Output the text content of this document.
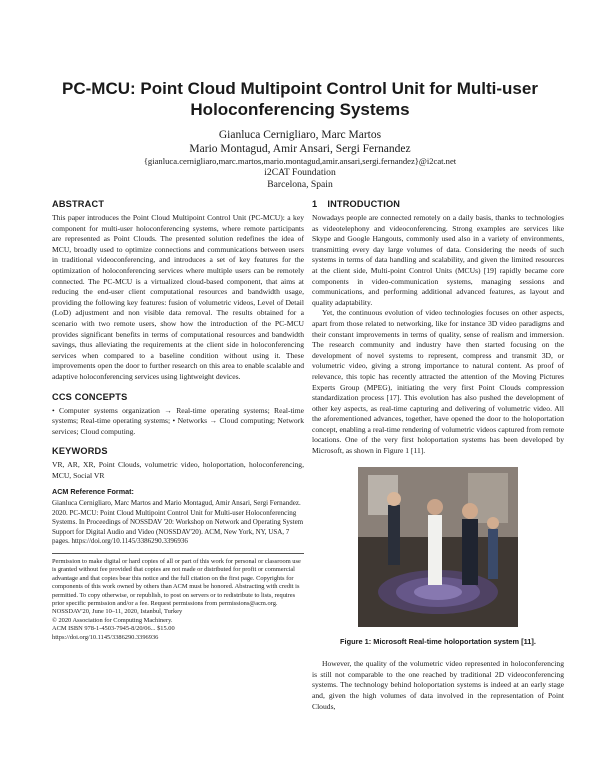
PC-MCU: Point Cloud Multipoint Control Unit for Multi-user
Holoconferencing Systems
Gianluca Cernigliaro, Marc Martos
Mario Montagud, Amir Ansari, Sergi Fernandez
{gianluca.cernigliaro,marc.martos,mario.montagud,amir.ansari,sergi.fernandez}@i2cat.net
i2CAT Foundation
Barcelona, Spain
ABSTRACT

This paper introduces the Point Cloud Multipoint Control Unit (PC-MCU): a key component for multi-user holoconferencing systems, where remote participants are represented as Point Clouds. The presented solution redefines the idea of MCU, broadly used to optimize connections and communications between users in traditional videoconferencing, and introduces a set of key features for the optimization of holoconferencing services where multiple users can be remotely connected. The PC-MCU is a virtualized cloud-based component, that aims at reducing the end-user client computational resources and bandwidth usage, providing the following key features: fusion of volumetric videos, Level of Detail (LoD) adjustment and non visible data removal. The results obtained for a scenario with two remote users, show how the introduction of the PC-MCU provides significant benefits in terms of computational resources and bandwidth savings, thus alleviating the requirements at the client side in holoconferencing services when compared to a baseline condition without using it. These improvements open the door to further research on this area to enable scalable and adaptive holoconferencing services using lightweight devices.

CCS CONCEPTS

• Computer systems organization → Real-time operating systems; Real-time systems; Real-time operating systems; • Networks → Cloud computing; Network services; Cloud computing.

KEYWORDS

VR, AR, XR, Point Clouds, volumetric video, holoportation, holoconferencing, MCU, Social VR

ACM Reference Format:

Gianluca Cernigliaro, Marc Martos and Mario Montagud, Amir Ansari, Sergi Fernandez. 2020. PC-MCU: Point Cloud Multipoint Control Unit for Multi-user Holoconferencing Systems. In Proceedings of NOSSDAV '20: Workshop on Network and Operating System Support for Digital Audio and Video (NOSSDAV'20). ACM, New York, NY, USA, 7 pages. https://doi.org/10.1145/3386290.3396936

Permission to make digital or hard copies of all or part of this work for personal or classroom use is granted without fee provided that copies are not made or distributed for profit or commercial advantage and that copies bear this notice and the full citation on the first page. Copyrights for components of this work owned by others than ACM must be honored. Abstracting with credit is permitted. To copy otherwise, or republish, to post on servers or to redistribute to lists, requires prior specific permission and/or a fee. Request permissions from permissions@acm.org.

NOSSDAV'20, June 10–11, 2020, Istanbul, Turkey

© 2020 Association for Computing Machinery.

ACM ISBN 978-1-4503-7945-8/20/06... $15.00

https://doi.org/10.1145/3386290.3396936

1 INTRODUCTION

Nowadays people are connected remotely on a daily basis, thanks to technologies as videotelephony and videoconferencing. Strong examples are services like Skype and Google Hangouts, commonly used also in a variety of environments, transmitting every day large volumes of data. Considering the needs of such systems in terms of data handling and scalability, and given the limited resources at the client side, Multi-point Control Units (MCUs) [19] rapidly became core components in video-communication systems, managing sessions and communications, and performing additional advanced features, as layout and quality adaptability.

Yet, the continuous evolution of video technologies focuses on other aspects, apart from those related to networking, like for instance 3D video paradigms and their constant improvements in terms of quality, sense of realism and immersion. The research community and industry have then started focusing on the development of novel systems to represent, compress and transmit 3D, or volumetric video, giving a strong importance to natural content. As proof of relevance, this topic has recently attracted the attention of the Moving Pictures Experts Group (MPEG), initiating the very first Point Clouds compression standardization process [17]. This evolution has also pushed the development of other key aspects, as real-time capturing and delivering of volumetric video. All the aforementioned advances, together, have opened the door to the holoportation concept, enabling a real-time rendering of volumetric videos captured from remote locations. One of the very first holoportation systems has been developed by Microsoft, as shown in Figure 1 [11].

Figure 1: Microsoft Real-time holoportation system [11].

However, the quality of the volumetric video represented in holoconferencing is still not comparable to the one reached by traditional 2D videoconferencing systems. The technology behind holoportation systems is indeed at an early stage and, given the high volumes of data involved in the representation of Point Clouds,
